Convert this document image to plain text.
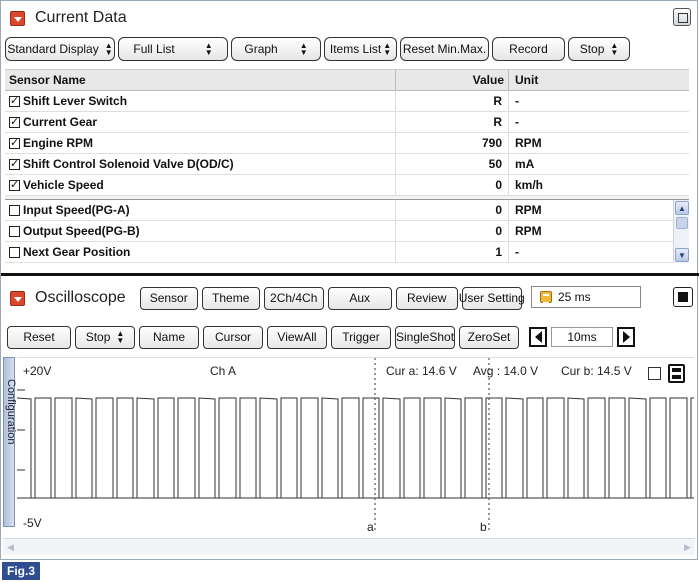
Current Data
Standard Display ▲
▼ Full List	▲
▼	Graph	▲
▼ Items List ▲
▼ Reset Min.Max.	Record	Stop ▲
▼
Sensor Name	Value Unit
✓
Shift Lever Switch	R	-
✓
Current Gear	R	-
✓
Engine RPM	790	RPM
✓
Shift Control Solenoid Valve D(OD/C)	50	mA
✓
Vehicle Speed	0	km/h
Input Speed(PG-A)	0	RPM
Output Speed(PG-B)	0	RPM
Next Gear Position	1	-
▲
▼
Oscilloscope	Sensor	Theme	2Ch/4Ch	Aux	Review	User Setting	25 ms
Reset	Stop ▲
▼	Name	Cursor	ViewAll	Trigger	SingleShot	ZeroSet	10ms
Configuration
+20V	Ch A	Cur a: 14.6 V Avg : 14.0 V Cur b: 14.5 V
-5V	a	b
◀	▶
Fig.3
